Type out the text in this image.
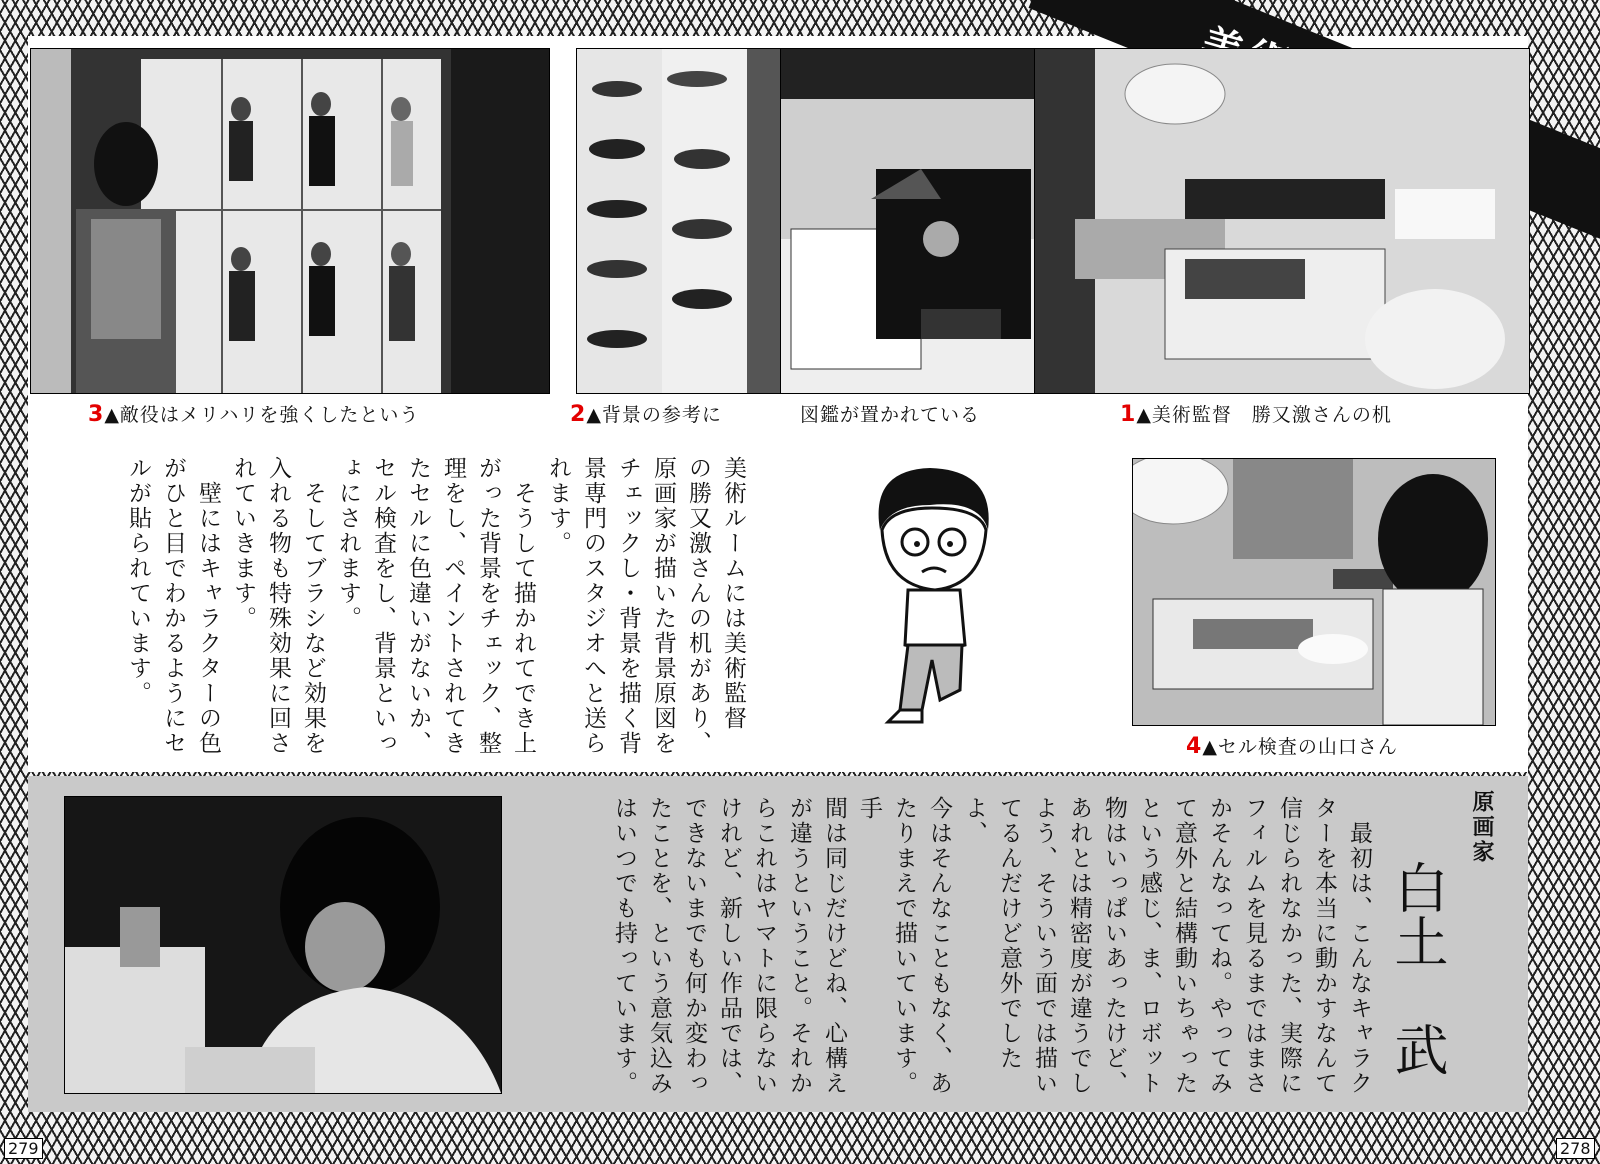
3▲敵役はメリハリを強くしたという	2▲背景の参考に	図鑑が置かれている	1▲美術監督　勝又激さんの机
美術ルームには美術監督
の勝又激さんの机があり、
原画家が描いた背景原図を
チェックし・背景を描く背
景専門のスタジオへと送ら
れます。
　そうして描かれてでき上
がった背景をチェック、整
理をし、ペイントされてき
たセルに色違いがないか、
セル検査をし、背景といっ
ょにされます。
　そしてブラシなど効果を
入れる物も特殊効果に回さ
れていきます。
　壁にはキャラクターの色
がひと目でわかるようにセ
ルが貼られています。
4▲セル検査の山口さん
原画家
白土　武
　最初は、こんなキャラク
ターを本当に動かすなんて
信じられなかった、実際に
フィルムを見るまではまさ
かそんなってね。やってみ
て意外と結構動いちゃった
という感じ、ま、ロボット
物はいっぱいあったけど、
あれとは精密度が違うでし
よう、そういう面では描い
てるんだけど意外でしたよ、
今はそんなこともなく、あ
たりまえで描いています。手
間は同じだけどね、心構え
が違うということ。それか
らこれはヤマトに限らない
けれど、新しい作品では、
できないまでも何か変わっ
たことを、という意気込み
はいつでも持っています。
279	278
